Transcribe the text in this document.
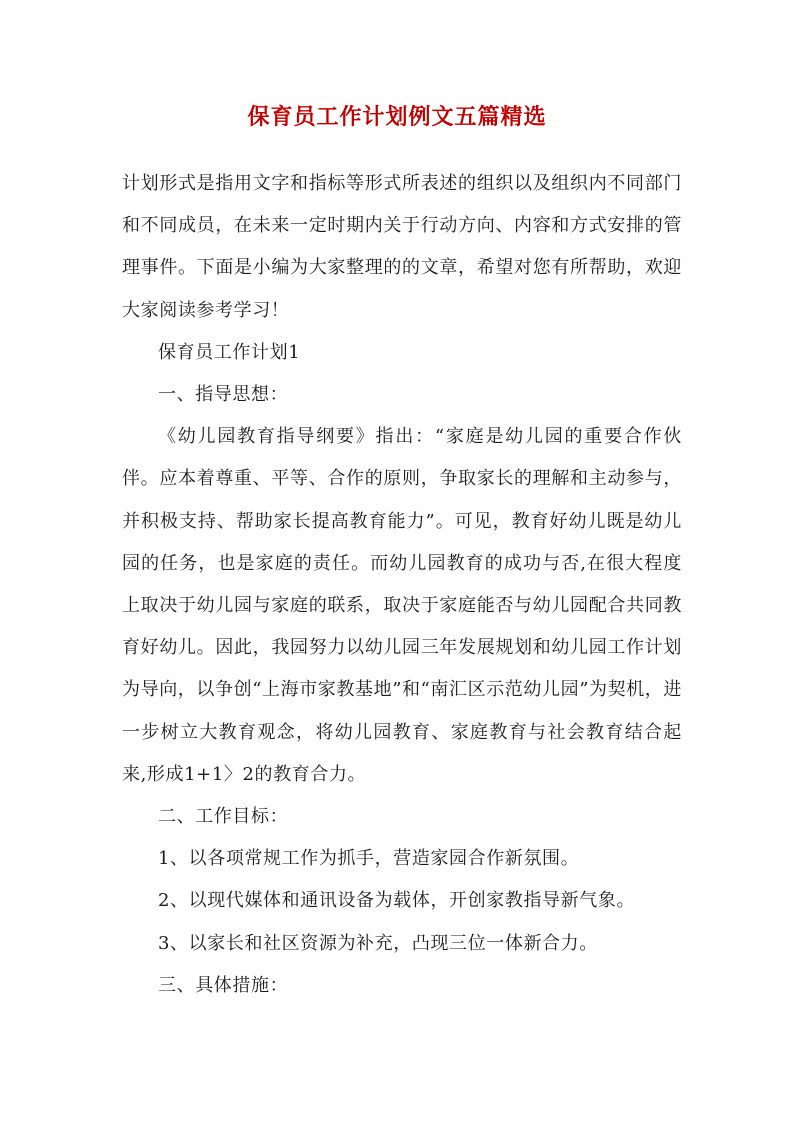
保育员工作计划例文五篇精选

计划形式是指用文字和指标等形式所表述的组织以及组织内不同部门和不同成员，在未来一定时期内关于行动方向、内容和方式安排的管理事件。下面是小编为大家整理的的文章，希望对您有所帮助，欢迎大家阅读参考学习！

保育员工作计划1

一、指导思想：

《幼儿园教育指导纲要》指出：“家庭是幼儿园的重要合作伙伴。应本着尊重、平等、合作的原则，争取家长的理解和主动参与，并积极支持、帮助家长提高教育能力”。可见，教育好幼儿既是幼儿园的任务，也是家庭的责任。而幼儿园教育的成功与否,在很大程度上取决于幼儿园与家庭的联系，取决于家庭能否与幼儿园配合共同教育好幼儿。因此，我园努力以幼儿园三年发展规划和幼儿园工作计划为导向，以争创“上海市家教基地”和“南汇区示范幼儿园”为契机，进一步树立大教育观念，将幼儿园教育、家庭教育与社会教育结合起来,形成1+1〉2的教育合力。

二、工作目标：

1、以各项常规工作为抓手，营造家园合作新氛围。

2、以现代媒体和通讯设备为载体，开创家教指导新气象。

3、以家长和社区资源为补充，凸现三位一体新合力。

三、具体措施：
